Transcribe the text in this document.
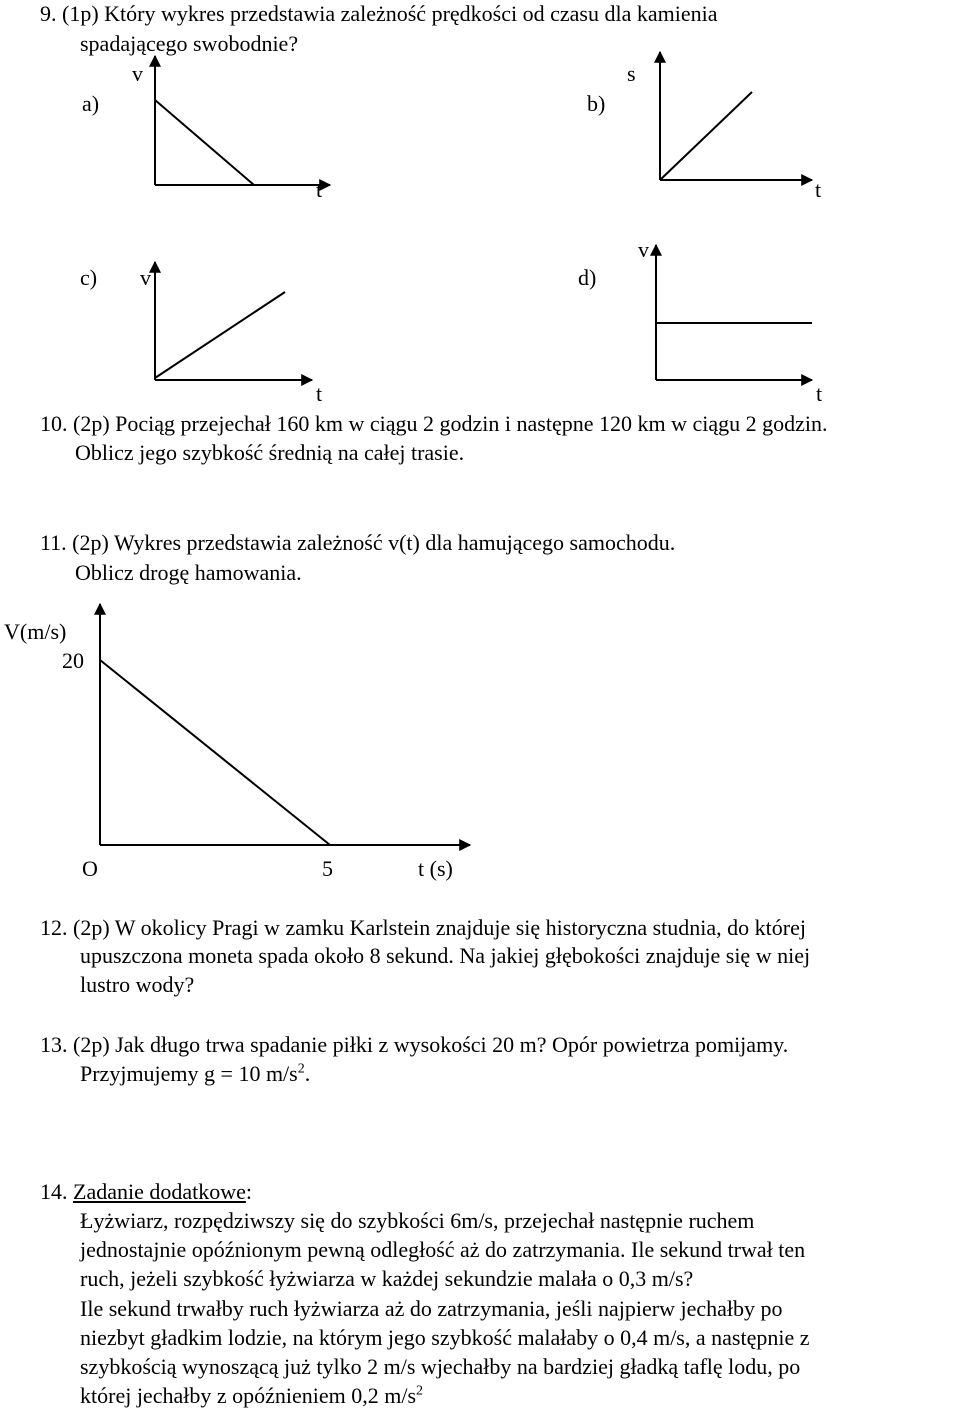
9. (1p) Który wykres przedstawia zależność prędkości od czasu dla kamienia
spadającego swobodnie?
v
a)
t
s
b)
t
c) v
t
v
d)
t
10. (2p) Pociąg przejechał 160 km w ciągu 2 godzin i następne 120 km w ciągu 2 godzin.
Oblicz jego szybkość średnią na całej trasie.
11. (2p) Wykres przedstawia zależność v(t) dla hamującego samochodu.
Oblicz drogę hamowania.
V(m/s)
20
O	5	t (s)
12. (2p) W okolicy Pragi w zamku Karlstein znajduje się historyczna studnia, do której
upuszczona moneta spada około 8 sekund. Na jakiej głębokości znajduje się w niej
lustro wody?
13. (2p) Jak długo trwa spadanie piłki z wysokości 20 m? Opór powietrza pomijamy.
Przyjmujemy g = 10 $m/s^2$.
14. Zadanie dodatkowe:
Łyżwiarz, rozpędziwszy się do szybkości 6m/s, przejechał następnie ruchem
jednostajnie opóźnionym pewną odległość aż do zatrzymania. Ile sekund trwał ten
ruch, jeżeli szybkość łyżwiarza w każdej sekundzie malała o 0,3 m/s?
Ile sekund trwałby ruch łyżwiarza aż do zatrzymania, jeśli najpierw jechałby po
niezbyt gładkim lodzie, na którym jego szybkość malałaby o 0,4 m/s, a następnie z
szybkością wynoszącą już tylko 2 m/s wjechałby na bardziej gładką taflę lodu, po
której jechałby z opóźnieniem 0,2 $m/s^2$
